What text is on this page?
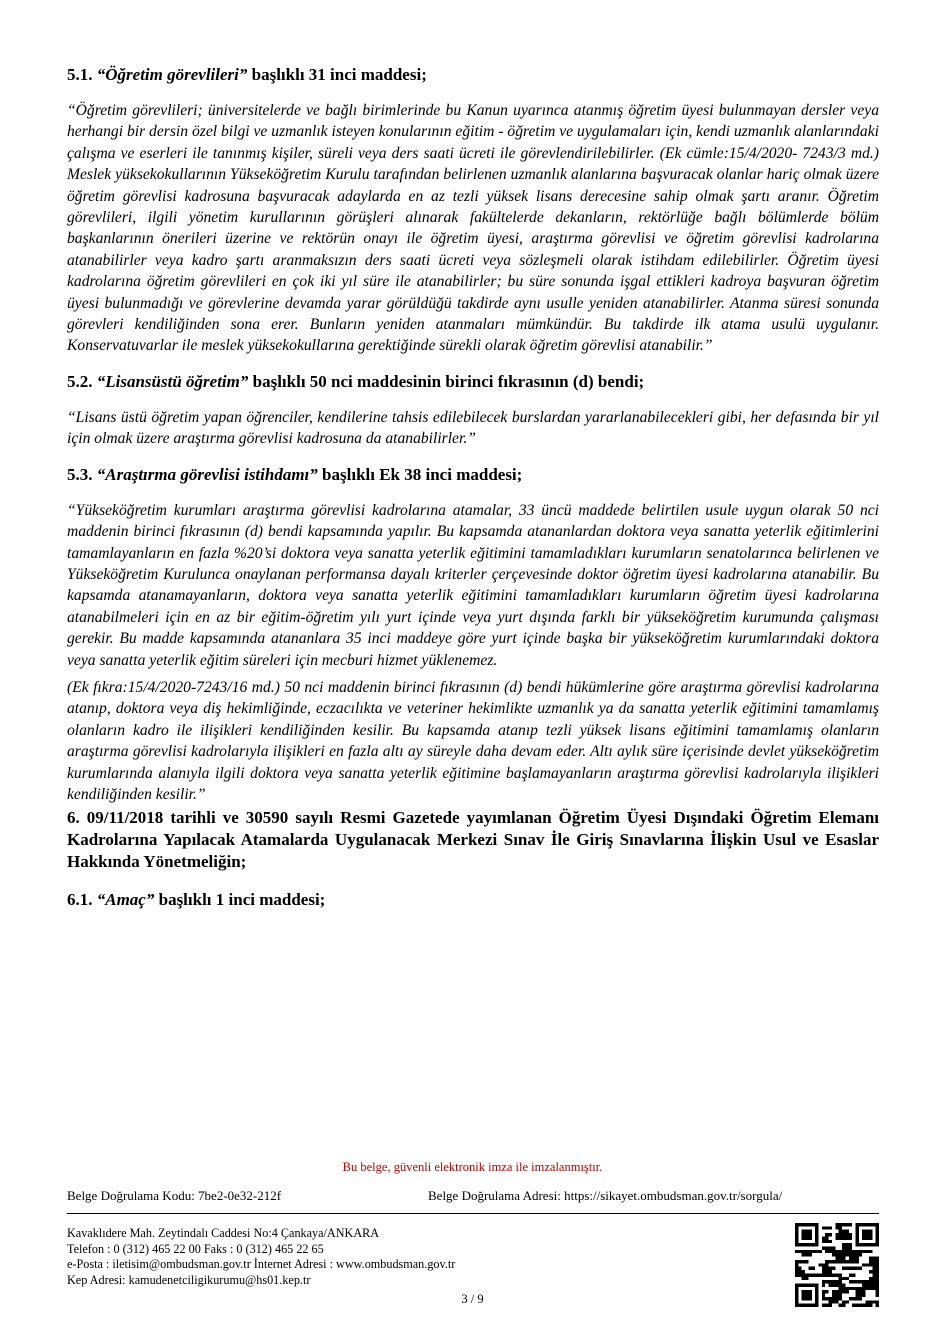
5.1. “Öğretim görevlileri” başlıklı 31 inci maddesi;

“Öğretim görevlileri; üniversitelerde ve bağlı birimlerinde bu Kanun uyarınca atanmış öğretim üyesi bulunmayan dersler veya herhangi bir dersin özel bilgi ve uzmanlık isteyen konularının eğitim - öğretim ve uygulamaları için, kendi uzmanlık alanlarındaki çalışma ve eserleri ile tanınmış kişiler, süreli veya ders saati ücreti ile görevlendirilebilirler. (Ek cümle:15/4/2020- 7243/3 md.) Meslek yüksekokullarının Yükseköğretim Kurulu tarafından belirlenen uzmanlık alanlarına başvuracak olanlar hariç olmak üzere öğretim görevlisi kadrosuna başvuracak adaylarda en az tezli yüksek lisans derecesine sahip olmak şartı aranır. Öğretim görevlileri, ilgili yönetim kurullarının görüşleri alınarak fakültelerde dekanların, rektörlüğe bağlı bölümlerde bölüm başkanlarının önerileri üzerine ve rektörün onayı ile öğretim üyesi, araştırma görevlisi ve öğretim görevlisi kadrolarına atanabilirler veya kadro şartı aranmaksızın ders saati ücreti veya sözleşmeli olarak istihdam edilebilirler. Öğretim üyesi kadrolarına öğretim görevlileri en çok iki yıl süre ile atanabilirler; bu süre sonunda işgal ettikleri kadroya başvuran öğretim üyesi bulunmadığı ve görevlerine devamda yarar görüldüğü takdirde aynı usulle yeniden atanabilirler. Atanma süresi sonunda görevleri kendiliğinden sona erer. Bunların yeniden atanmaları mümkündür. Bu takdirde ilk atama usulü uygulanır. Konservatuvarlar ile meslek yüksekokullarına gerektiğinde sürekli olarak öğretim görevlisi atanabilir.”

5.2. “Lisansüstü öğretim” başlıklı 50 nci maddesinin birinci fıkrasının (d) bendi;

“Lisans üstü öğretim yapan öğrenciler, kendilerine tahsis edilebilecek burslardan yararlanabilecekleri gibi, her defasında bir yıl için olmak üzere araştırma görevlisi kadrosuna da atanabilirler.”

5.3. “Araştırma görevlisi istihdamı” başlıklı Ek 38 inci maddesi;

“Yükseköğretim kurumları araştırma görevlisi kadrolarına atamalar, 33 üncü maddede belirtilen usule uygun olarak 50 nci maddenin birinci fıkrasının (d) bendi kapsamında yapılır. Bu kapsamda atananlardan doktora veya sanatta yeterlik eğitimlerini tamamlayanların en fazla %20’si doktora veya sanatta yeterlik eğitimini tamamladıkları kurumların senatolarınca belirlenen ve Yükseköğretim Kurulunca onaylanan performansa dayalı kriterler çerçevesinde doktor öğretim üyesi kadrolarına atanabilir. Bu kapsamda atanamayanların, doktora veya sanatta yeterlik eğitimini tamamladıkları kurumların öğretim üyesi kadrolarına atanabilmeleri için en az bir eğitim-öğretim yılı yurt içinde veya yurt dışında farklı bir yükseköğretim kurumunda çalışması gerekir. Bu madde kapsamında atananlara 35 inci maddeye göre yurt içinde başka bir yükseköğretim kurumlarındaki doktora veya sanatta yeterlik eğitim süreleri için mecburi hizmet yüklenemez.

(Ek fıkra:15/4/2020-7243/16 md.) 50 nci maddenin birinci fıkrasının (d) bendi hükümlerine göre araştırma görevlisi kadrolarına atanıp, doktora veya diş hekimliğinde, eczacılıkta ve veteriner hekimlikte uzmanlık ya da sanatta yeterlik eğitimini tamamlamış olanların kadro ile ilişikleri kendiliğinden kesilir. Bu kapsamda atanıp tezli yüksek lisans eğitimini tamamlamış olanların araştırma görevlisi kadrolarıyla ilişikleri en fazla altı ay süreyle daha devam eder. Altı aylık süre içerisinde devlet yükseköğretim kurumlarında alanıyla ilgili doktora veya sanatta yeterlik eğitimine başlamayanların araştırma görevlisi kadrolarıyla ilişikleri kendiliğinden kesilir.”

6. 09/11/2018 tarihli ve 30590 sayılı Resmi Gazetede yayımlanan Öğretim Üyesi Dışındaki Öğretim Elemanı Kadrolarına Yapılacak Atamalarda Uygulanacak Merkezi Sınav İle Giriş Sınavlarına İlişkin Usul ve Esaslar Hakkında Yönetmeliğin;

6.1. “Amaç” başlıklı 1 inci maddesi;

Bu belge, güvenli elektronik imza ile imzalanmıştır.
Belge Doğrulama Kodu: 7be2-0e32-212f	Belge Doğrulama Adresi: https://sikayet.ombudsman.gov.tr/sorgula/
Kavaklıdere Mah. Zeytindalı Caddesi No:4 Çankaya/ANKARA
Telefon : 0 (312) 465 22 00 Faks : 0 (312) 465 22 65
e-Posta : iletisim@ombudsman.gov.tr İnternet Adresi : www.ombudsman.gov.tr
Kep Adresi: kamudenetciligikurumu@hs01.kep.tr
3 / 9
